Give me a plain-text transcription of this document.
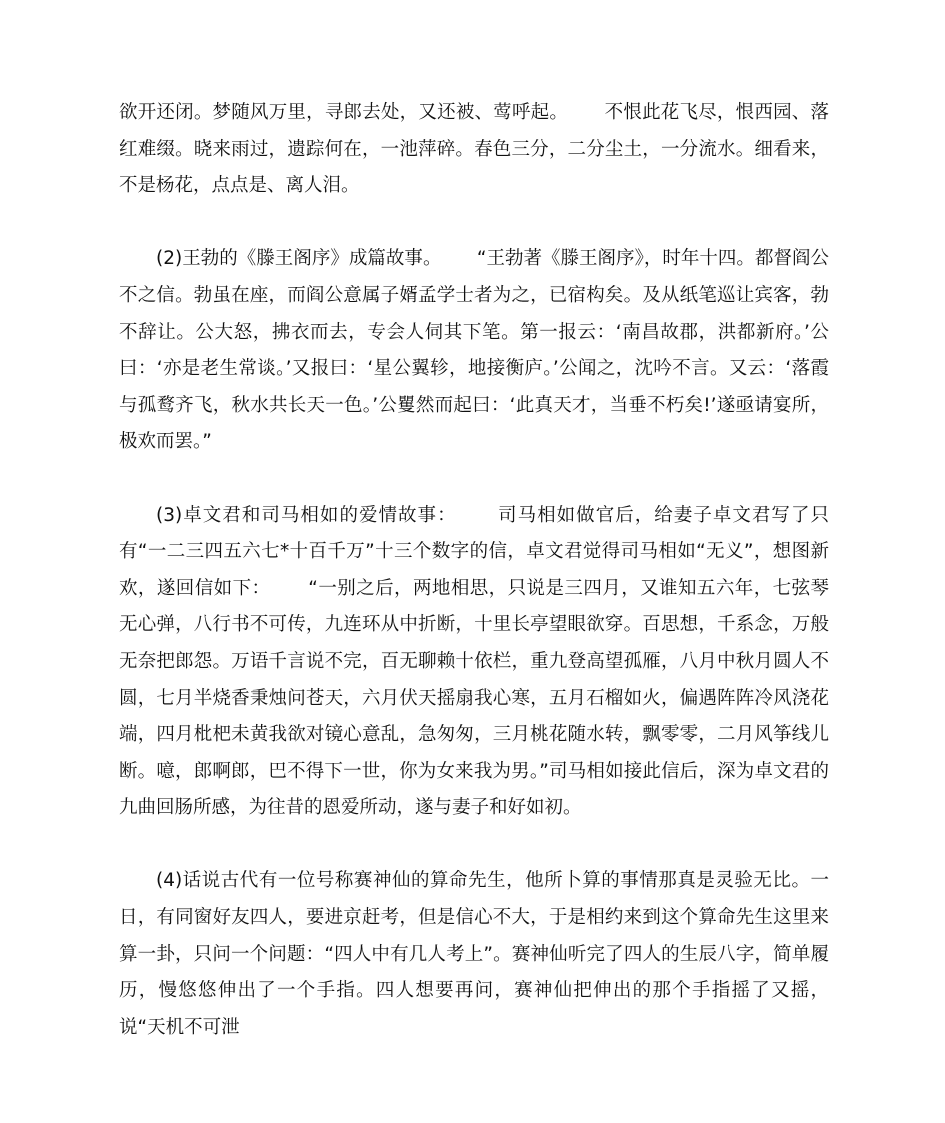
欲开还闭。梦随风万里，寻郎去处，又还被、莺呼起。      不恨此花飞尽，恨西园、落红难缀。晓来雨过，遗踪何在，一池萍碎。春色三分，二分尘土，一分流水。细看来，不是杨花，点点是、离人泪。

(2)王勃的《滕王阁序》成篇故事。      “王勃著《滕王阁序》，时年十四。都督阎公不之信。勃虽在座，而阎公意属子婿孟学士者为之，已宿构矣。及从纸笔巡让宾客，勃不辞让。公大怒，拂衣而去，专会人伺其下笔。第一报云：‘南昌故郡，洪都新府。’公曰：‘亦是老生常谈。’又报曰：‘星公翼轸，地接衡庐。’公闻之，沈吟不言。又云：‘落霞与孤鹜齐飞，秋水共长天一色。’公矍然而起曰：‘此真天才，当垂不朽矣!’遂亟请宴所，极欢而罢。”

(3)卓文君和司马相如的爱情故事：      司马相如做官后，给妻子卓文君写了只有“一二三四五六七*十百千万”十三个数字的信，卓文君觉得司马相如“无义”，想图新欢，遂回信如下：      “一别之后，两地相思，只说是三四月，又谁知五六年，七弦琴无心弹，八行书不可传，九连环从中折断，十里长亭望眼欲穿。百思想，千系念，万般无奈把郎怨。万语千言说不完，百无聊赖十依栏，重九登高望孤雁，八月中秋月圆人不圆，七月半烧香秉烛问苍天，六月伏天摇扇我心寒，五月石榴如火，偏遇阵阵冷风浇花端，四月枇杷未黄我欲对镜心意乱，急匆匆，三月桃花随水转，飘零零，二月风筝线儿断。噫，郎啊郎，巴不得下一世，你为女来我为男。”司马相如接此信后，深为卓文君的九曲回肠所感，为往昔的恩爱所动，遂与妻子和好如初。

(4)话说古代有一位号称赛神仙的算命先生，他所卜算的事情那真是灵验无比。一日，有同窗好友四人，要进京赶考，但是信心不大，于是相约来到这个算命先生这里来算一卦，只问一个问题：“四人中有几人考上”。赛神仙听完了四人的生辰八字，简单履历，慢悠悠伸出了一个手指。四人想要再问，赛神仙把伸出的那个手指摇了又摇，说“天机不可泄
